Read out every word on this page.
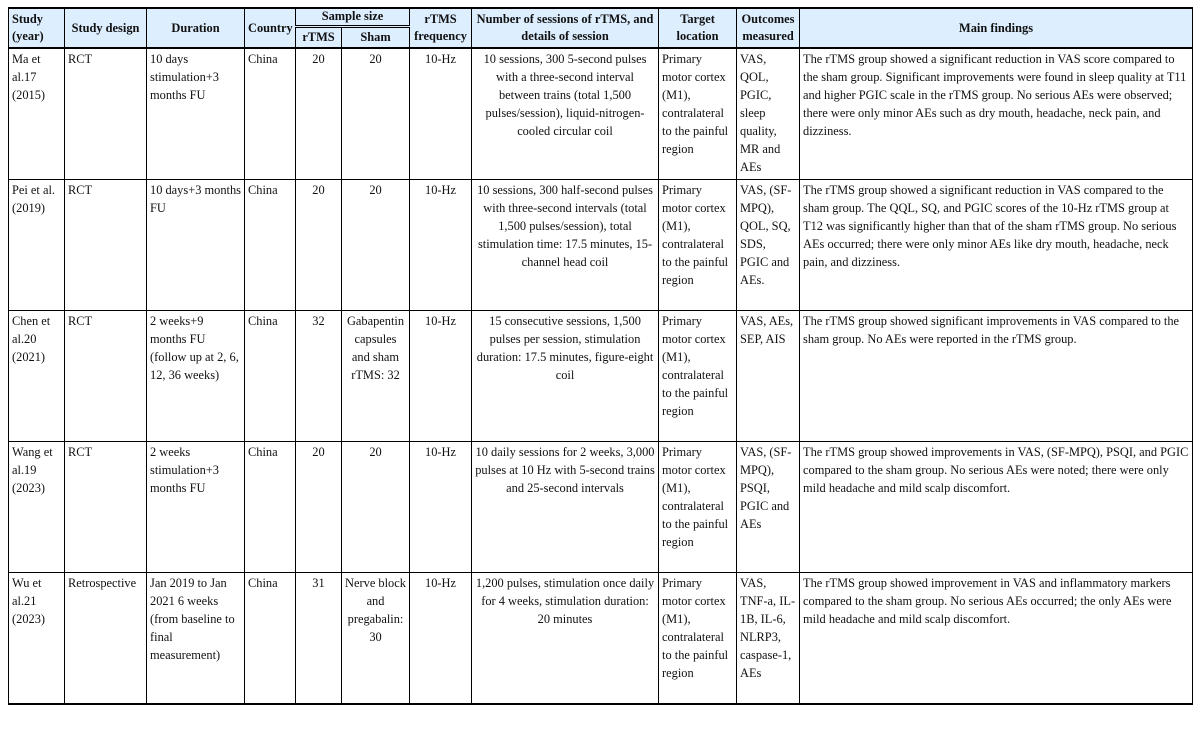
Study (year)	Study design	Duration	Country	Sample size		rTMS frequency	Number of sessions of rTMS, and details of session	Target location	Outcomes measured	Main findings
				rTMS	Sham					
Ma et al.17 (2015)	RCT	10 days stimulation+3 months FU	China	20	20	10-Hz	10 sessions, 300 5-second pulses with a three-second interval between trains (total 1,500 pulses/session), liquid-nitrogen-cooled circular coil	Primary motor cortex (M1), contralateral to the painful region	VAS, QOL, PGIC, sleep quality, MR and AEs	The rTMS group showed a significant reduction in VAS score compared to the sham group. Significant improvements were found in sleep quality at T11 and higher PGIC scale in the rTMS group. No serious AEs were observed; there were only minor AEs such as dry mouth, headache, neck pain, and dizziness.
Pei et al. (2019)	RCT	10 days+3 months FU	China	20	20	10-Hz	10 sessions, 300 half-second pulses with three-second intervals (total 1,500 pulses/session), total stimulation time: 17.5 minutes, 15-channel head coil	Primary motor cortex (M1), contralateral to the painful region	VAS, (SF-MPQ), QOL, SQ, SDS, PGIC and AEs.	The rTMS group showed a significant reduction in VAS compared to the sham group. The QQL, SQ, and PGIC scores of the 10-Hz rTMS group at T12 was significantly higher than that of the sham rTMS group. No serious AEs occurred; there were only minor AEs like dry mouth, headache, neck pain, and dizziness.
Chen et al.20 (2021)	RCT	2 weeks+9 months FU (follow up at 2, 6, 12, 36 weeks)	China	32	Gabapentin capsules and sham rTMS: 32	10-Hz	15 consecutive sessions, 1,500 pulses per session, stimulation duration: 17.5 minutes, figure-eight coil	Primary motor cortex (M1), contralateral to the painful region	VAS, AEs, SEP, AIS	The rTMS group showed significant improvements in VAS compared to the sham group. No AEs were reported in the rTMS group.
Wang et al.19 (2023)	RCT	2 weeks stimulation+3 months FU	China	20	20	10-Hz	10 daily sessions for 2 weeks, 3,000 pulses at 10 Hz with 5-second trains and 25-second intervals	Primary motor cortex (M1), contralateral to the painful region	VAS, (SF-MPQ), PSQI, PGIC and AEs	The rTMS group showed improvements in VAS, (SF-MPQ), PSQI, and PGIC compared to the sham group. No serious AEs were noted; there were only mild headache and mild scalp discomfort.
Wu et al.21 (2023)	Retrospective	Jan 2019 to Jan 2021 6 weeks (from baseline to final measurement)	China	31	Nerve block and pregabalin: 30	10-Hz	1,200 pulses, stimulation once daily for 4 weeks, stimulation duration: 20 minutes	Primary motor cortex (M1), contralateral to the painful region	VAS, TNF-a, IL-1B, IL-6, NLRP3, caspase-1, AEs	The rTMS group showed improvement in VAS and inflammatory markers compared to the sham group. No serious AEs occurred; the only AEs were mild headache and mild scalp discomfort.
